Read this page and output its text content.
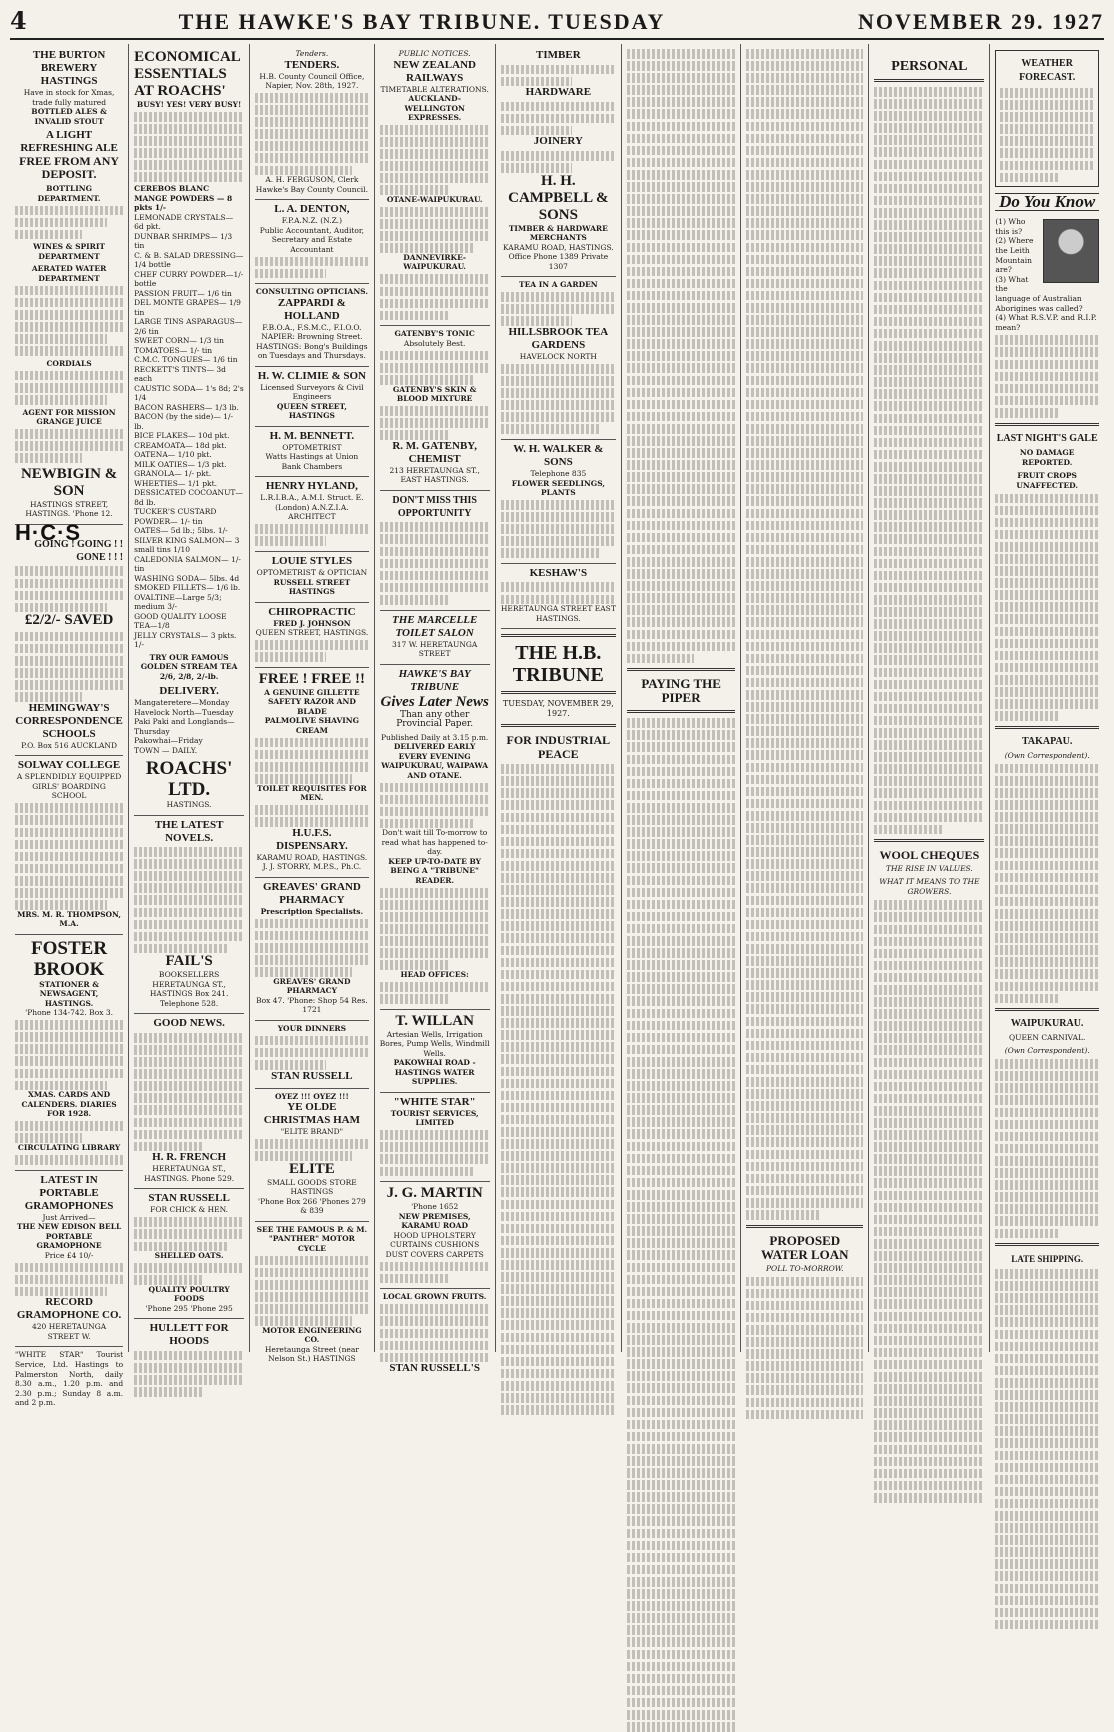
4	THE HAWKE'S BAY TRIBUNE. TUESDAY	NOVEMBER 29. 1927
THE BURTON BREWERY HASTINGS
Have in stock for Xmas, trade fully matured
BOTTLED ALES & INVALID STOUT
A LIGHT REFRESHING ALE
FREE FROM ANY DEPOSIT.
BOTTLING DEPARTMENT.
WINES & SPIRIT DEPARTMENT
AERATED WATER DEPARTMENT
CORDIALS
AGENT FOR MISSION GRANGE JUICE
NEWBIGIN & SON
HASTINGS STREET, HASTINGS. 'Phone 12.
H·C·S
GOING ! GOING ! ! GONE ! ! !
£2/2/- SAVED
HEMINGWAY'S CORRESPONDENCE SCHOOLS
P.O. Box 516 AUCKLAND
SOLWAY COLLEGE
A SPLENDIDLY EQUIPPED GIRLS' BOARDING SCHOOL
MRS. M. R. THOMPSON, M.A.
FOSTER BROOK
STATIONER & NEWSAGENT, HASTINGS.
'Phone 134-742. Box 3.
XMAS. CARDS AND CALENDERS. DIARIES FOR 1928.
CIRCULATING LIBRARY
LATEST IN PORTABLE GRAMOPHONES
Just Arrived—
THE NEW EDISON BELL PORTABLE GRAMOPHONE
Price £4 10/-
RECORD GRAMOPHONE CO.
420 HERETAUNGA STREET W.
"WHITE STAR" Tourist Service, Ltd. Hastings to Palmerston North, daily 8.30 a.m., 1.20 p.m. and 2.30 p.m.; Sunday 8 a.m. and 2 p.m.
ECONOMICAL ESSENTIALS AT ROACHS'
BUSY! YES! VERY BUSY!
CEREBOS BLANC MANGE POWDERS — 8 pkts 1/-
LEMONADE CRYSTALS— 6d pkt.
DUNBAR SHRIMPS— 1/3 tin
C. & B. SALAD DRESSING— 1/4 bottle
CHEF CURRY POWDER—1/- bottle
PASSION FRUIT— 1/6 tin
DEL MONTE GRAPES— 1/9 tin
LARGE TINS ASPARAGUS— 2/6 tin
SWEET CORN— 1/3 tin
TOMATOES— 1/- tin
C.M.C. TONGUES— 1/6 tin
RECKETT'S TINTS— 3d each
CAUSTIC SODA— 1's 8d; 2's 1/4
BACON RASHERS— 1/3 lb.
BACON (by the side)— 1/- lb.
BICE FLAKES— 10d pkt.
CREAMOATA— 18d pkt.
OATENA— 1/10 pkt.
MILK OATIES— 1/3 pkt.
GRANOLA— 1/- pkt.
WHEETIES— 1/1 pkt.
DESSICATED COCOANUT— 8d lb.
TUCKER'S CUSTARD POWDER— 1/- tin
OATES— 5d lb.; 5lbs. 1/-
SILVER KING SALMON— 3 small tins 1/10
CALEDONIA SALMON— 1/- tin
WASHING SODA— 5lbs. 4d
SMOKED FILLETS— 1/6 lb.
OVALTINE—Large 5/3; medium 3/-
GOOD QUALITY LOOSE TEA—1/8
JELLY CRYSTALS— 3 pkts. 1/-
TRY OUR FAMOUS GOLDEN STREAM TEA 2/6, 2/8, 2/-lb.
DELIVERY.
Mangateretere—Monday
Havelock North—Tuesday
Paki Paki and Longlands—Thursday
Pakowhai—Friday
TOWN — DAILY.
ROACHS' LTD.
HASTINGS.
THE LATEST NOVELS.
FAIL'S
BOOKSELLERS
HERETAUNGA ST., HASTINGS Box 241. Telephone 528.
GOOD NEWS.
H. R. FRENCH
HERETAUNGA ST., HASTINGS. Phone 529.
STAN RUSSELL
FOR CHICK & HEN.
SHELLED OATS.
QUALITY POULTRY FOODS
'Phone 295 'Phone 295
HULLETT FOR HOODS
Tenders.
TENDERS.
H.B. County Council Office, Napier, Nov. 28th, 1927.
A. H. FERGUSON, Clerk Hawke's Bay County Council.
L. A. DENTON,
F.P.A.N.Z. (N.Z.)
Public Accountant, Auditor, Secretary and Estate Accountant
CONSULTING OPTICIANS.
ZAPPARDI & HOLLAND
F.B.O.A., F.S.M.C., F.I.O.O.
NAPIER: Browning Street. HASTINGS: Bong's Buildings on Tuesdays and Thursdays.
H. W. CLIMIE & SON
Licensed Surveyors & Civil Engineers
QUEEN STREET, HASTINGS
H. M. BENNETT.
OPTOMETRIST
Watts Hastings at Union Bank Chambers
HENRY HYLAND,
L.R.I.B.A., A.M.I. Struct. E. (London) A.N.Z.I.A. ARCHITECT
LOUIE STYLES
OPTOMETRIST & OPTICIAN
RUSSELL STREET HASTINGS
CHIROPRACTIC
FRED J. JOHNSON
QUEEN STREET, HASTINGS.
FREE ! FREE !!
A GENUINE GILLETTE SAFETY RAZOR AND BLADE
PALMOLIVE SHAVING CREAM
TOILET REQUISITES FOR MEN.
H.U.F.S. DISPENSARY.
KARAMU ROAD, HASTINGS.
J. J. STORRY, M.P.S., Ph.C.
GREAVES' GRAND PHARMACY
Prescription Specialists.
GREAVES' GRAND PHARMACY
Box 47. 'Phone: Shop 54 Res. 1721
YOUR DINNERS
STAN RUSSELL
OYEZ !!! OYEZ !!!
YE OLDE CHRISTMAS HAM
"ELITE BRAND"
ELITE
SMALL GOODS STORE HASTINGS
'Phone Box 266 'Phones 279 & 839
SEE THE FAMOUS P. & M. "PANTHER" MOTOR CYCLE
MOTOR ENGINEERING CO.
Heretaunga Street (near Nelson St.) HASTINGS
PUBLIC NOTICES.
NEW ZEALAND RAILWAYS
TIMETABLE ALTERATIONS.
AUCKLAND-WELLINGTON EXPRESSES.
OTANE-WAIPUKURAU.
DANNEVIRKE-WAIPUKURAU.
GATENBY'S TONIC
Absolutely Best.
GATENBY'S SKIN & BLOOD MIXTURE
R. M. GATENBY, CHEMIST
213 HERETAUNGA ST., EAST HASTINGS.
DON'T MISS THIS OPPORTUNITY
THE MARCELLE TOILET SALON
317 W. HERETAUNGA STREET
HAWKE'S BAY TRIBUNE
Gives Later News
Than any other Provincial Paper.
Published Daily at 3.15 p.m.
DELIVERED EARLY EVERY EVENING
WAIPUKURAU, WAIPAWA AND OTANE.
Don't wait till To-morrow to read what has happened to-day.
KEEP UP-TO-DATE BY BEING A "TRIBUNE" READER.
HEAD OFFICES:
T. WILLAN
Artesian Wells, Irrigation Bores, Pump Wells, Windmill Wells.
PAKOWHAI ROAD - HASTINGS WATER SUPPLIES.
"WHITE STAR"
TOURIST SERVICES, LIMITED
J. G. MARTIN
'Phone 1652
NEW PREMISES, KARAMU ROAD
HOOD UPHOLSTERY CURTAINS CUSHIONS DUST COVERS CARPETS
LOCAL GROWN FRUITS.
STAN RUSSELL'S
TIMBER
HARDWARE
JOINERY
H. H. CAMPBELL & SONS
TIMBER & HARDWARE MERCHANTS
KARAMU ROAD, HASTINGS.
Office Phone 1389 Private 1307
TEA IN A GARDEN
HILLSBROOK TEA GARDENS
HAVELOCK NORTH
W. H. WALKER & SONS
Telephone 835
FLOWER SEEDLINGS, PLANTS
KESHAW'S
HERETAUNGA STREET EAST HASTINGS.
THE H.B. TRIBUNE
TUESDAY, NOVEMBER 29, 1927.
FOR INDUSTRIAL PEACE
PAYING THE PIPER
PROPOSED WATER LOAN
POLL TO-MORROW.
PERSONAL
WOOL CHEQUES
THE RISE IN VALUES.
WHAT IT MEANS TO THE GROWERS.
WEATHER FORECAST.
Do You Know
(1) Who this is?
(2) Where the Leith Mountain are?
(3) What the language of Australian Aborigines was called?
(4) What R.S.V.P. and R.I.P. mean?
LAST NIGHT'S GALE
NO DAMAGE REPORTED.
FRUIT CROPS UNAFFECTED.
TAKAPAU.
(Own Correspondent).
WAIPUKURAU.
QUEEN CARNIVAL.
(Own Correspondent).
LATE SHIPPING.
